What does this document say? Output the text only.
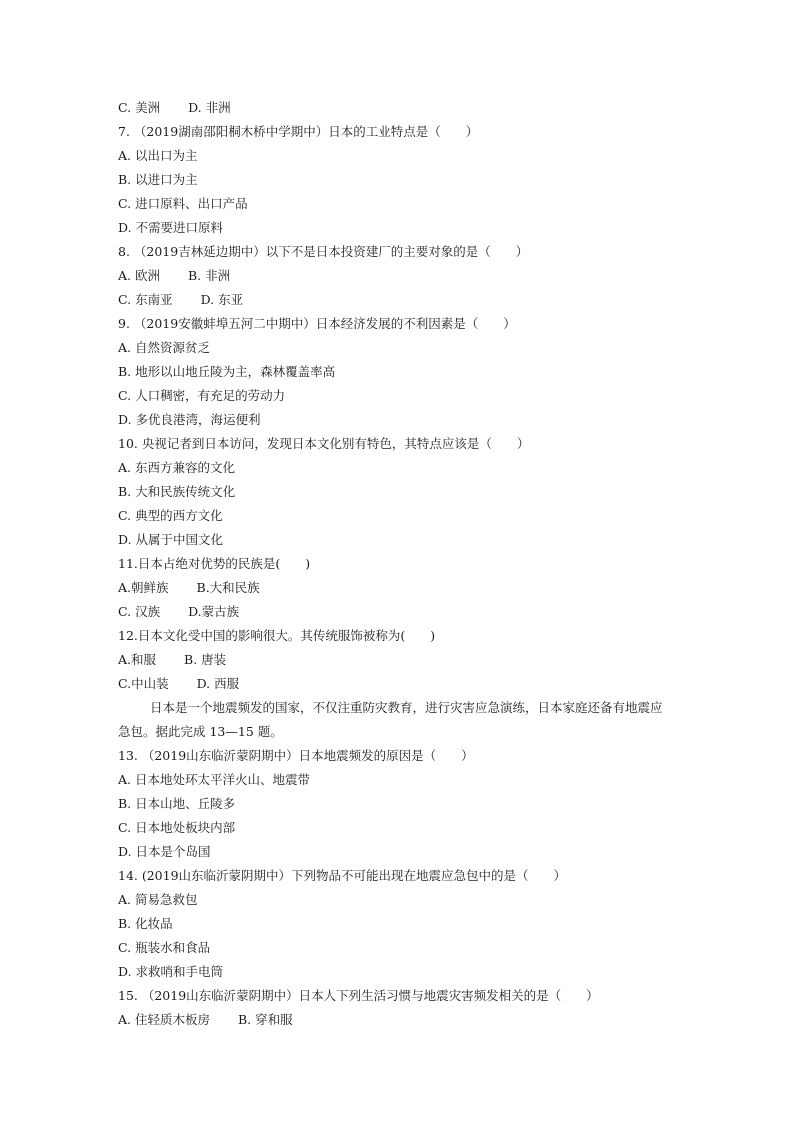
C. 美洲 D. 非洲
7. （2019湖南邵阳桐木桥中学期中）日本的工业特点是（　　）
A. 以出口为主
B. 以进口为主
C. 进口原料、出口产品
D. 不需要进口原料
8. （2019吉林延边期中）以下不是日本投资建厂的主要对象的是（　　）
A. 欧洲 B. 非洲
C. 东南亚 D. 东亚
9. （2019安徽蚌埠五河二中期中）日本经济发展的不利因素是（　　）
A. 自然资源贫乏
B. 地形以山地丘陵为主，森林覆盖率高
C. 人口稠密，有充足的劳动力
D. 多优良港湾，海运便利
10. 央视记者到日本访问，发现日本文化别有特色，其特点应该是（　　）
A. 东西方兼容的文化
B. 大和民族传统文化
C. 典型的西方文化
D. 从属于中国文化
11.日本占绝对优势的民族是(　　)
A.朝鲜族 B.大和民族
C. 汉族 D.蒙古族
12.日本文化受中国的影响很大。其传统服饰被称为(　　)
A.和服 B. 唐装
C.中山装 D. 西服
日本是一个地震频发的国家，不仅注重防灾教育，进行灾害应急演练，日本家庭还备有地震应
急包。据此完成 13—15 题。
13. （2019山东临沂蒙阴期中）日本地震频发的原因是（　　）
A. 日本地处环太平洋火山、地震带
B. 日本山地、丘陵多
C. 日本地处板块内部
D. 日本是个岛国
14. (2019山东临沂蒙阴期中）下列物品不可能出现在地震应急包中的是（　　）
A. 简易急救包
B. 化妆品
C. 瓶装水和食品
D. 求救哨和手电筒
15. （2019山东临沂蒙阴期中）日本人下列生活习惯与地震灾害频发相关的是（　　）
A. 住轻质木板房 B. 穿和服
